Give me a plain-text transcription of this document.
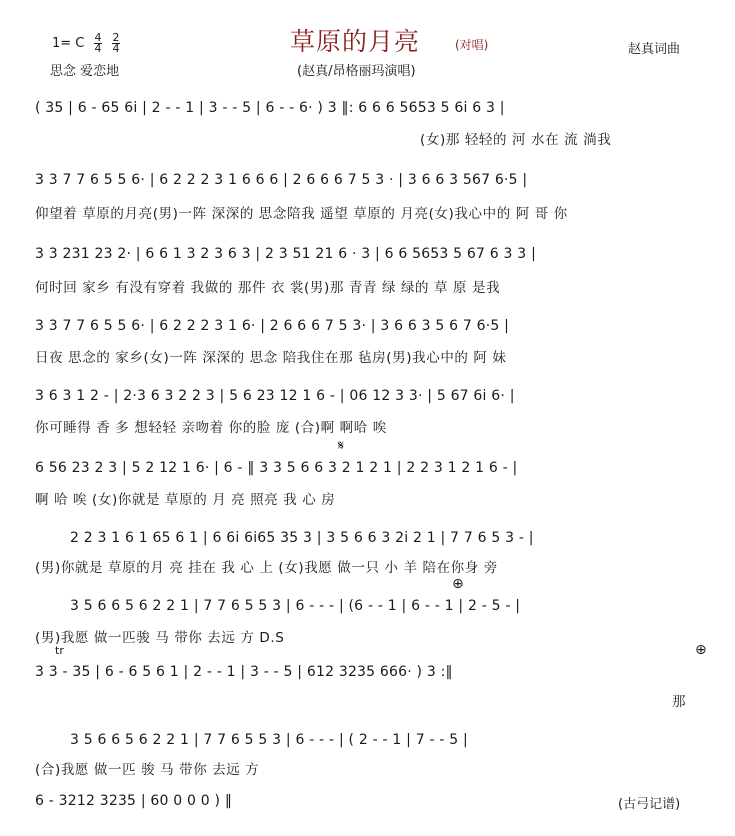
1= C 4
4
2
4
思念 爱恋地
草原的月亮	(对唱)
(赵真/昂格丽玛演唱)
赵真词曲
( 35 | 6 - 65 6i | 2 - - 1 | 3 - - 5 | 6 - - 6· ) 3 ‖: 6 6 6 5653 5 6i 6 3 |
(女)那 轻轻的 河 水在 流 淌我
3 3 7 7 6 5 5 6· | 6 2 2 2 3 1 6 6 6 | 2 6 6 6 7 5 3 · | 3 6 6 3 567 6·5 |
仰望着 草原的月亮(男)一阵 深深的 思念陪我 遥望 草原的 月亮(女)我心中的 阿 哥 你
3 3 231 23 2· | 6 6 1 3 2 3 6 3 | 2 3 51 21 6 · 3 | 6 6 5653 5 67 6 3 3 |
何时回 家乡 有没有穿着 我做的 那件 衣 裳(男)那 青青 绿 绿的 草 原 是我
3 3 7 7 6 5 5 6· | 6 2 2 2 3 1 6· | 2 6 6 6 7 5 3· | 3 6 6 3 5 6 7 6·5 |
日夜 思念的 家乡(女)一阵 深深的 思念 陪我住在那 毡房(男)我心中的 阿 妹
3 6 3 1 2 - | 2·3 6 3 2 2 3 | 5 6 23 12 1 6 - | 06 12 3 3· | 5 67 6i 6· |
你可睡得 香 多 想轻轻 亲吻着 你的脸 庞 (合)啊 啊哈 唉
𝄋
6 56 23 2 3 | 5 2 12 1 6· | 6 - ‖ 3 3 5 6 6 3 2 1 2 1 | 2 2 3 1 2 1 6 - |
啊 哈 唉 (女)你就是 草原的 月 亮 照亮 我 心 房
2 2 3 1 6 1 65 6 1 | 6 6i 6i65 35 3 | 3 5 6 6 3 2i 2 1 | 7 7 6 5 3 - |
(男)你就是 草原的月 亮 挂在 我 心 上 (女)我愿 做一只 小 羊 陪在你身 旁
⊕
3 5 6 6 5 6 2 2 1 | 7 7 6 5 5 3 | 6 - - - | (6 - - 1 | 6 - - 1 | 2 - 5 - |
(男)我愿 做一匹骏 马 带你 去远 方 D.S
tr	⊕
3 3 - 35 | 6 - 6 5 6 1 | 2 - - 1 | 3 - - 5 | 612 3235 666· ) 3 :‖
那
3 5 6 6 5 6 2 2 1 | 7 7 6 5 5 3 | 6 - - - | ( 2 - - 1 | 7 - - 5 |
(合)我愿 做一匹 骏 马 带你 去远 方
6 - 3212 3235 | 60 0 0 0 ) ‖	(古弓记谱)
